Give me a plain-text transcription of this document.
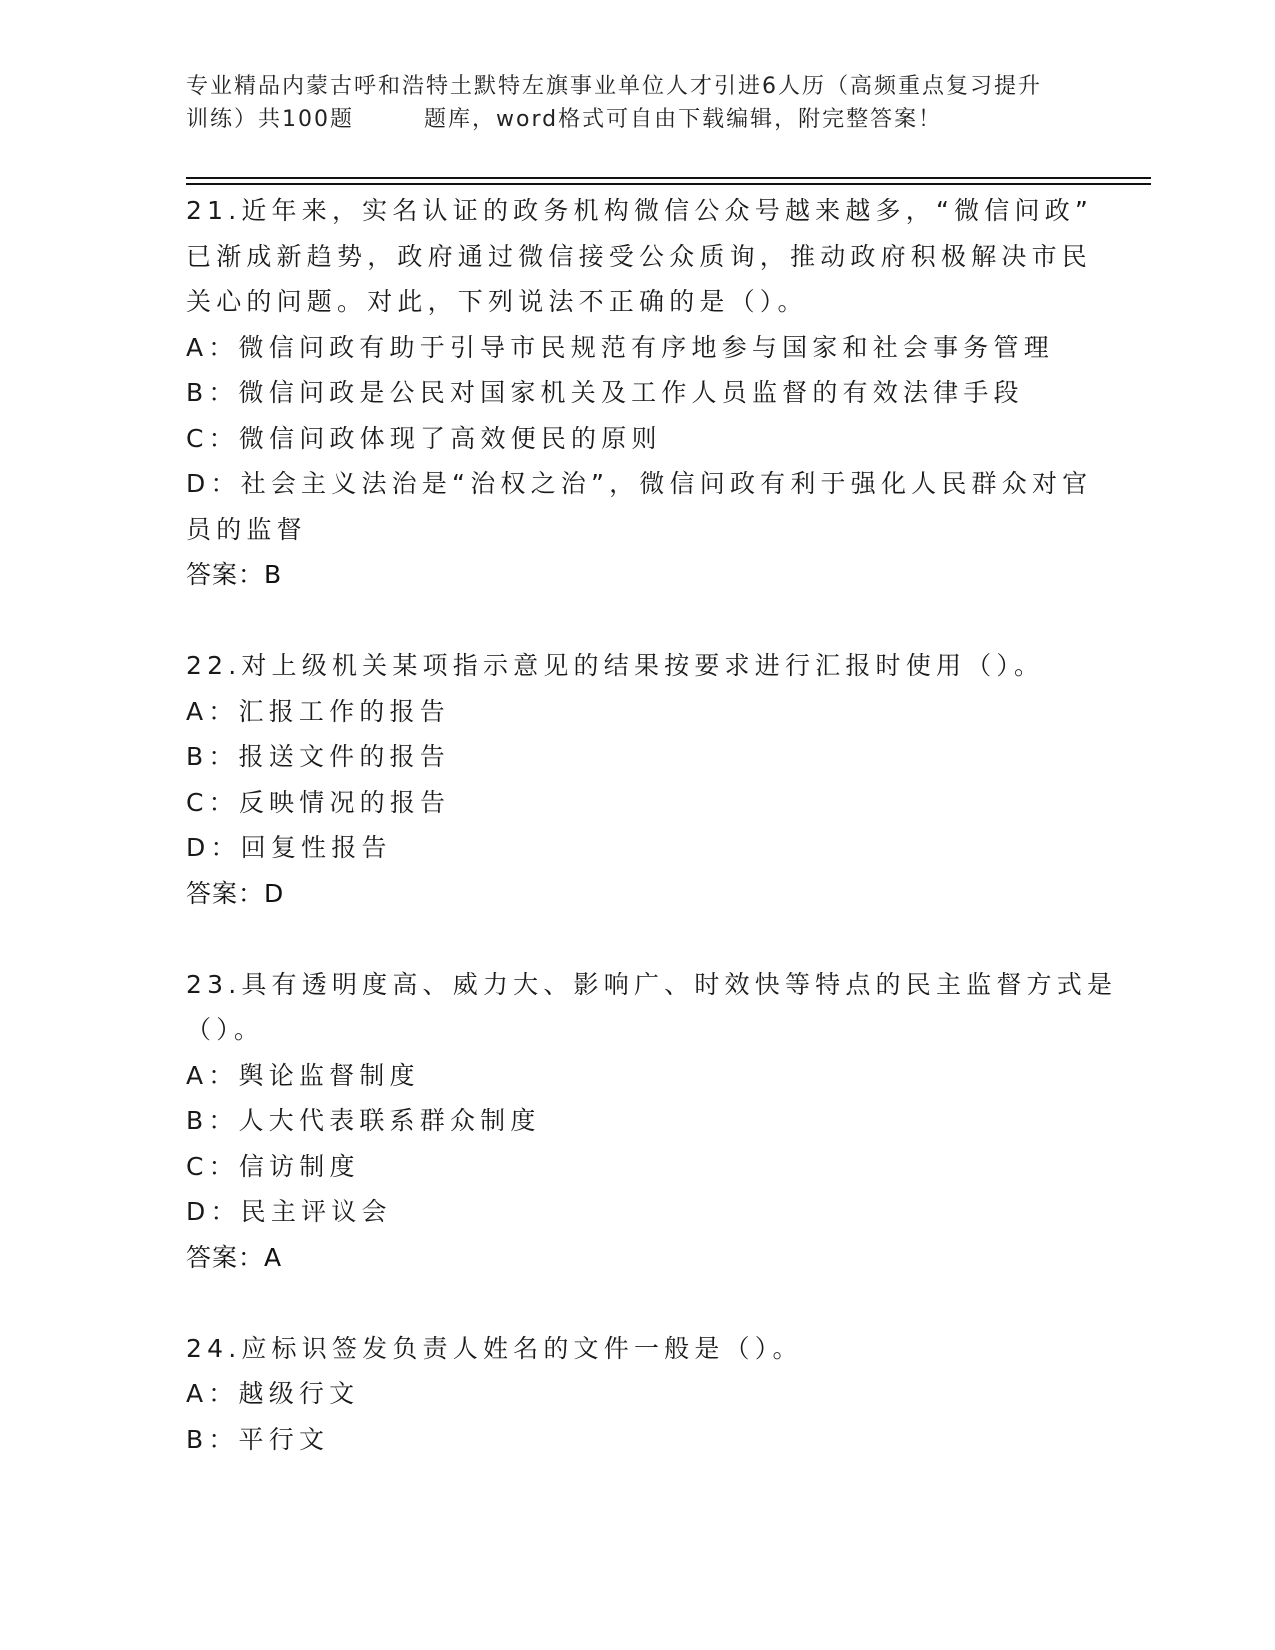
专业精品内蒙古呼和浩特土默特左旗事业单位人才引进6人历（高频重点复习提升
训练）共100题	题库，word格式可自由下载编辑，附完整答案！
21.近年来，实名认证的政务机构微信公众号越来越多，“微信问政”
已渐成新趋势，政府通过微信接受公众质询，推动政府积极解决市民
关心的问题。对此，下列说法不正确的是（）。
A：微信问政有助于引导市民规范有序地参与国家和社会事务管理
B：微信问政是公民对国家机关及工作人员监督的有效法律手段
C：微信问政体现了高效便民的原则
D：社会主义法治是“治权之治”，微信问政有利于强化人民群众对官
员的监督
答案：B
22.对上级机关某项指示意见的结果按要求进行汇报时使用（）。
A：汇报工作的报告
B：报送文件的报告
C：反映情况的报告
D：回复性报告
答案：D
23.具有透明度高、威力大、影响广、时效快等特点的民主监督方式是
（）。
A：舆论监督制度
B：人大代表联系群众制度
C：信访制度
D：民主评议会
答案：A
24.应标识签发负责人姓名的文件一般是（）。
A：越级行文
B：平行文
